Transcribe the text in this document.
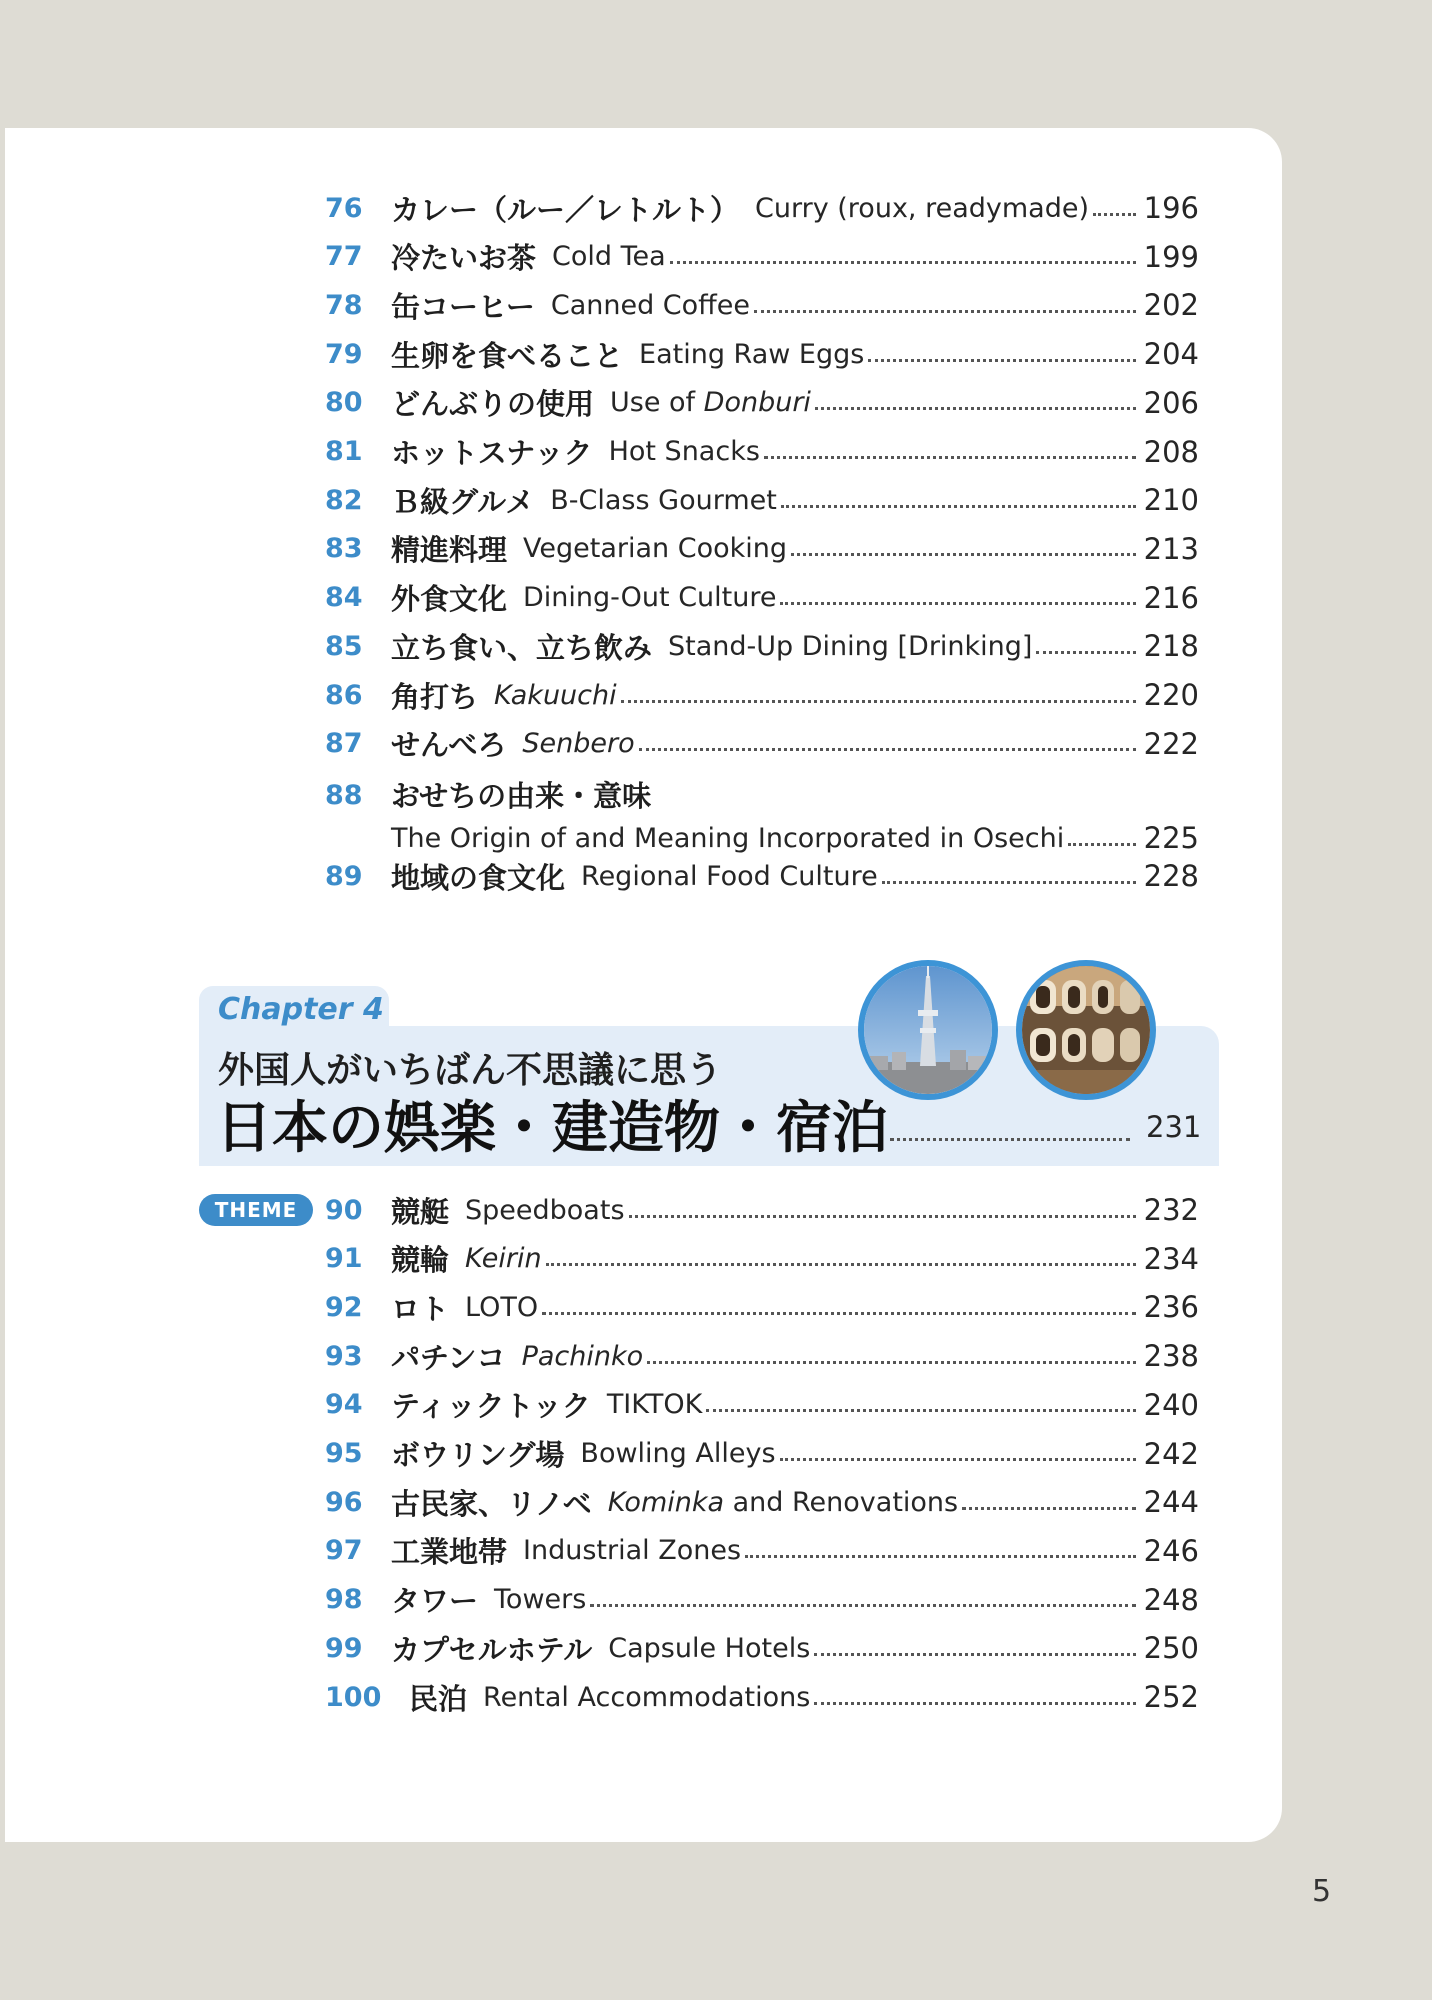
76 カレー（ルー／レトルト） Curry (roux, readymade) 196
77 冷たいお茶 Cold Tea	199
78 缶コーヒー Canned Coffee	202
79 生卵を食べること Eating Raw Eggs	204
80 どんぶりの使用 Use of Donburi	206
81 ホットスナック Hot Snacks	208
82 Ｂ級グルメ B-Class Gourmet	210
83 精進料理 Vegetarian Cooking	213
84 外食文化 Dining-Out Culture	216
85 立ち食い、立ち飲み Stand-Up Dining [Drinking]	218
86 角打ち Kakuuchi	220
87 せんべろ Senbero	222
88 おせちの由来・意味
The Origin of and Meaning Incorporated in Osechi	225
89 地域の食文化 Regional Food Culture	228
Chapter 4
外国人がいちばん不思議に思う
日本の娯楽・建造物・宿泊	231
THEME	90 競艇 Speedboats	232
91 競輪 Keirin	234
92 ロト LOTO	236
93 パチンコ Pachinko	238
94 ティックトック TIKTOK	240
95 ボウリング場 Bowling Alleys	242
96 古民家、リノベ Kominka and Renovations	244
97 工業地帯 Industrial Zones	246
98 タワー Towers	248
99 カプセルホテル Capsule Hotels	250
100 民泊 Rental Accommodations	252
5
